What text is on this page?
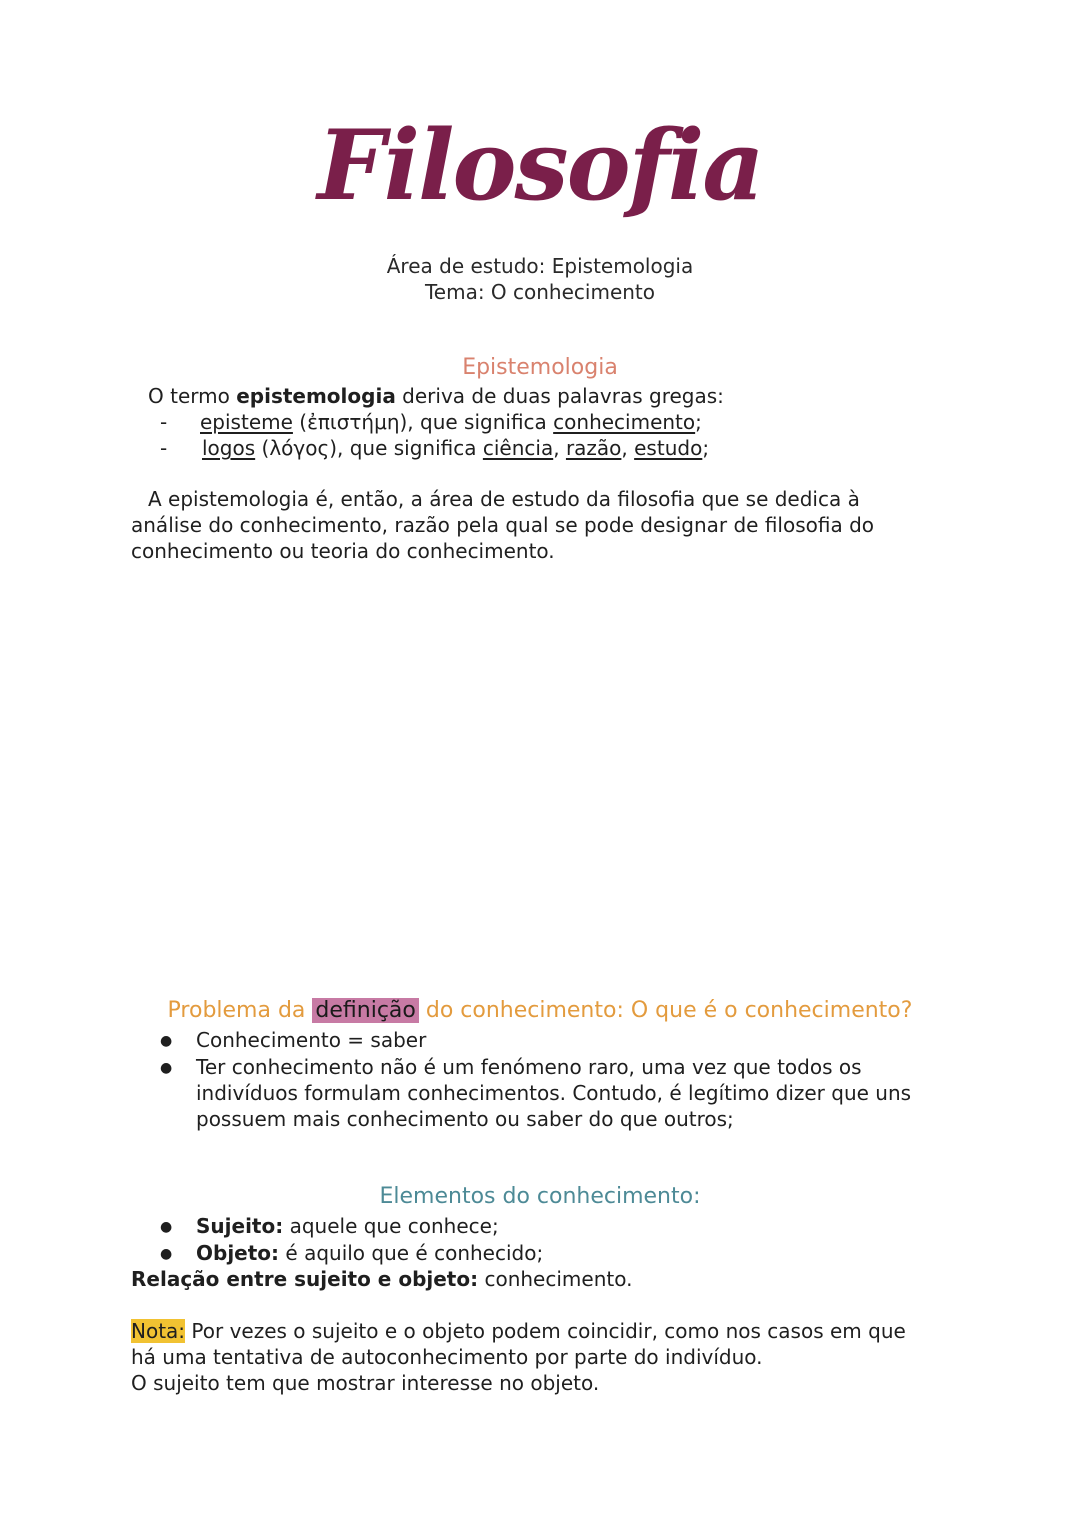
Filosofia
Área de estudo: Epistemologia
Tema: O conhecimento
Epistemologia
O termo epistemologia deriva de duas palavras gregas:
- episteme (ἐπιστήμη), que significa conhecimento;
- logos (λόγος), que significa ciência, razão, estudo;
A epistemologia é, então, a área de estudo da filosofia que se dedica à
análise do conhecimento, razão pela qual se pode designar de filosofia do
conhecimento ou teoria do conhecimento.
Problema da definição do conhecimento: O que é o conhecimento?
● Conhecimento = saber
● Ter conhecimento não é um fenómeno raro, uma vez que todos os
indivíduos formulam conhecimentos. Contudo, é legítimo dizer que uns
possuem mais conhecimento ou saber do que outros;
Elementos do conhecimento:
● Sujeito: aquele que conhece;
● Objeto: é aquilo que é conhecido;
Relação entre sujeito e objeto: conhecimento.
Nota: Por vezes o sujeito e o objeto podem coincidir, como nos casos em que
há uma tentativa de autoconhecimento por parte do indivíduo.
O sujeito tem que mostrar interesse no objeto.
